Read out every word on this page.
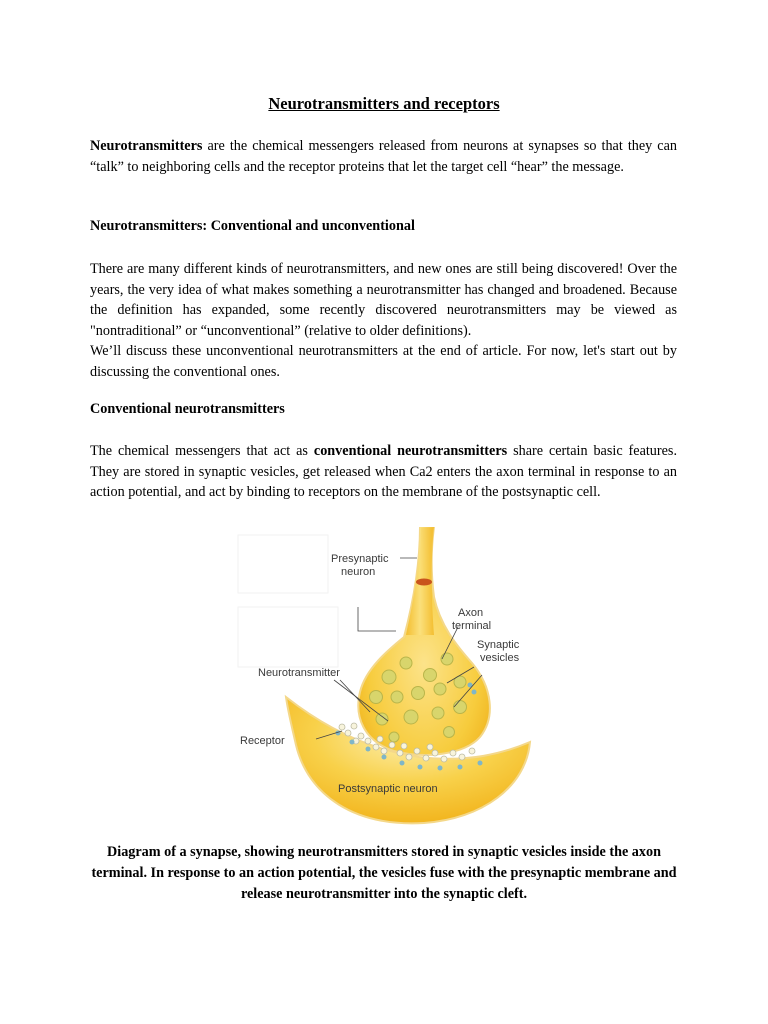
Neurotransmitters and receptors

Neurotransmitters are the chemical messengers released from neurons at synapses so that they can “talk” to neighboring cells and the receptor proteins that let the target cell “hear” the message.

Neurotransmitters: Conventional and unconventional

There are many different kinds of neurotransmitters, and new ones are still being discovered! Over the years, the very idea of what makes something a neurotransmitter has changed and broadened. Because the definition has expanded, some recently discovered neurotransmitters may be viewed as "nontraditional” or “unconventional” (relative to older definitions).
We’ll discuss these unconventional neurotransmitters at the end of article. For now, let's start out by discussing the conventional ones.

Conventional neurotransmitters

The chemical messengers that act as conventional neurotransmitters share certain basic features. They are stored in synaptic vesicles, get released when Ca2 enters the axon terminal in response to an action potential, and act by binding to receptors on the membrane of the postsynaptic cell.

Presynaptic
neuron
Axon
terminal
Synaptic
vesicles
Neurotransmitter
Receptor
Postsynaptic neuron

Diagram of a synapse, showing neurotransmitters stored in synaptic vesicles inside the axon terminal. In response to an action potential, the vesicles fuse with the presynaptic membrane and release neurotransmitter into the synaptic cleft.
